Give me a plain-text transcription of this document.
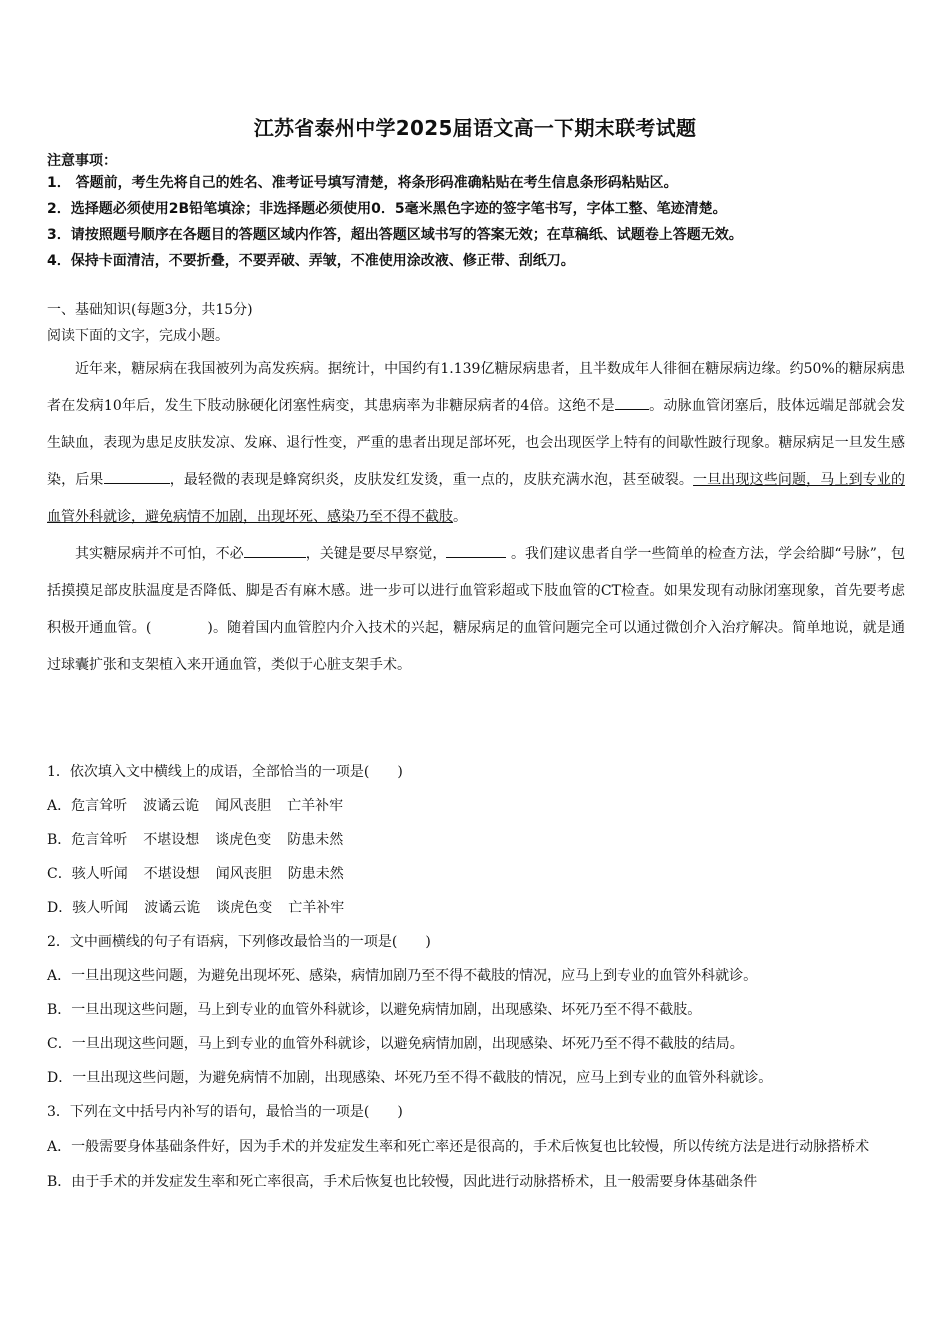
江苏省泰州中学2025届语文高一下期末联考试题
注意事项：
1． 答题前，考生先将自己的姓名、准考证号填写清楚，将条形码准确粘贴在考生信息条形码粘贴区。
2．选择题必须使用2B铅笔填涂；非选择题必须使用0．5毫米黑色字迹的签字笔书写，字体工整、笔迹清楚。
3．请按照题号顺序在各题目的答题区域内作答，超出答题区域书写的答案无效；在草稿纸、试题卷上答题无效。
4．保持卡面清洁，不要折叠，不要弄破、弄皱，不准使用涂改液、修正带、刮纸刀。
一、基础知识(每题3分，共15分)
阅读下面的文字，完成小题。

近年来，糖尿病在我国被列为高发疾病。据统计，中国约有1.139亿糖尿病患者，且半数成年人徘徊在糖尿病边缘。约50%的糖尿病患者在发病10年后，发生下肢动脉硬化闭塞性病变，其患病率为非糖尿病者的4倍。这绝不是 。动脉血管闭塞后，肢体远端足部就会发生缺血，表现为患足皮肤发凉、发麻、退行性变，严重的患者出现足部坏死，也会出现医学上特有的间歇性跛行现象。糖尿病足一旦发生感染，后果	，最轻微的表现是蜂窝织炎，皮肤发红发烫，重一点的，皮肤充满水泡，甚至破裂。一旦出现这些问题，马上到专业的血管外科就诊，避免病情不加剧，出现坏死、感染乃至不得不截肢。

其实糖尿病并不可怕，不必	，关键是要尽早察觉，	。我们建议患者自学一些简单的检查方法，学会给脚“号脉”，包括摸摸足部皮肤温度是否降低、脚是否有麻木感。进一步可以进行血管彩超或下肢血管的CT检查。如果发现有动脉闭塞现象，首先要考虑积极开通血管。(	)。随着国内血管腔内介入技术的兴起，糖尿病足的血管问题完全可以通过微创介入治疗解决。简单地说，就是通过球囊扩张和支架植入来开通血管，类似于心脏支架手术。

1．依次填入文中横线上的成语，全部恰当的一项是(　　)
A．危言耸听 波谲云诡 闻风丧胆 亡羊补牢
B．危言耸听 不堪设想 谈虎色变 防患未然
C．骇人听闻 不堪设想 闻风丧胆 防患未然
D．骇人听闻 波谲云诡 谈虎色变 亡羊补牢
2．文中画横线的句子有语病，下列修改最恰当的一项是(　　)
A．一旦出现这些问题，为避免出现坏死、感染，病情加剧乃至不得不截肢的情况，应马上到专业的血管外科就诊。
B．一旦出现这些问题，马上到专业的血管外科就诊，以避免病情加剧，出现感染、坏死乃至不得不截肢。
C．一旦出现这些问题，马上到专业的血管外科就诊，以避免病情加剧，出现感染、坏死乃至不得不截肢的结局。
D．一旦出现这些问题，为避免病情不加剧，出现感染、坏死乃至不得不截肢的情况，应马上到专业的血管外科就诊。
3．下列在文中括号内补写的语句，最恰当的一项是(　　)
A．一般需要身体基础条件好，因为手术的并发症发生率和死亡率还是很高的，手术后恢复也比较慢，所以传统方法是进行动脉搭桥术
B．由于手术的并发症发生率和死亡率很高，手术后恢复也比较慢，因此进行动脉搭桥术，且一般需要身体基础条件
